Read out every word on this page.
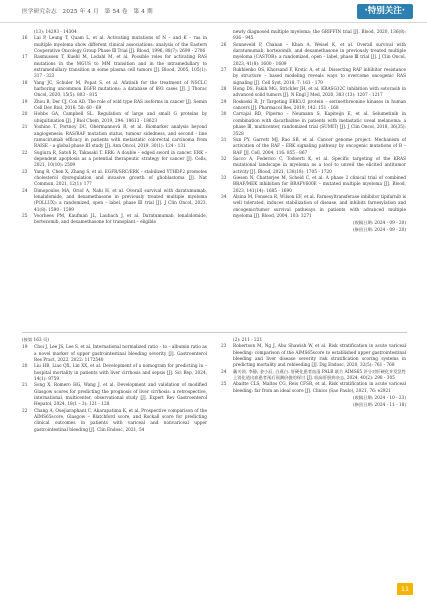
医学研究杂志　2025 年 4 月　第 54 卷　第 4 期	·特别关注·

(13): 14293 - 14304

16 Lai P, Leung T, Quam L, et al. Activating mutations of N – and K – ras in multiple myeloma show different clinical associations: analysis of the Eastern Cooperative Oncology Group Phase Ⅲ Trial [J]. Blood, 1996, 88(7): 2699 - 2706

17 Rasmussen T, Kuehl M, Lodahl M, et al. Possible roles for activating RAS mutations in the MGUS to MM transition and in the intramedullary to extramedullary transition in some plasma cell tumors [J]. Blood, 2005, 105(1): 317 - 323

18 Yang JC, Schuler M, Popat S, et al. Afatinib for the treatment of NSCLC harboring uncommon EGFR mutations: a database of 693 cases [J]. J Thorac Oncol, 2020, 15(5): 803 - 815

19 Zhou B, Der CJ, Cox AD. The role of wild type RAS isoforms in cancer [J]. Semin Cell Dev Biol, 2016, 58: 60 - 69

20 Hobbs GA, Campbell SL. Regulation of large and small G proteins by ubiquitination [J]. J Biol Chem, 2019, 294: 18613 - 18623

21 Yoshino T, Portnoy DC, Obermannová R, et al. Biomarker analysis beyond angiogenesis: RAS/RAF mutation status, tumour sidedness, and second - line ramucirumab efficacy in patients with metastatic colorectal carcinoma from RAISE – a global phase III study [J]. Ann Oncol, 2019, 30(1): 124 - 131

22 Sugiura R, Satoh R, Takasaki T. ERK: A double – edged sword in cancer. ERK – dependent apoptosis as a potential therapeutic strategy for cancer [J]. Cells, 2021, 10(10): 2509

23 Yang R, Chen X, Zhang S, et al. EGFR/SRC/ERK – stabilized YTHDF2 promotes cholesterol dysregulation and invasive growth of glioblastoma [J]. Nat Commun, 2021, 12(1): 177

24 Dimopoulos MA, Oriol A, Nahi H, et al. Overall survival with daratumumab, lenalidomide, and dexamethasone in previously treated multiple myeloma (POLLUX): a randomized, open – label, phase Ⅲ trial [J]. J Clin Oncol, 2023, 41(8): 1590 - 1599

25 Voorhees PM, Kaufman JL, Laubach J, et al. Daratumumab, lenalidomide, bortezomib, and dexamethasone for transplant – eligible

newly diagnosed multiple myeloma; the GRIFFIN trial [J]. Blood, 2020, 136(8): 936 - 945

26 Sonneveld P, Chanan – Khan A, Weisel K, et al. Overall survival with daratumumab, bortezomib, and dexamethasone in previously treated multiple myeloma (CASTOR): a randomized, open – label, phase Ⅲ trial [J]. J Clin Oncol, 2023, 41(8): 1600 - 1609

27 Rukhlenko OS, Khorsand F, Krstic A, et al. Dissecting RAF inhibitor resistance by structure – based modeling reveals ways to overcome oncogenic RAS signaling [J]. Cell Syst, 2018, 7: 161 - 179

28 Hong DS, Fakih MG, Strickler JH, et al. KRASG12C inhibition with sotorasib in advanced solid tumors [J]. N Engl J Med, 2020, 383 (13): 1207 - 1217

29 Roskoski R, Jr Targeting ERK1/2 protein – serine/threonine kinases in human cancers [J]. Pharmacol Res, 2019, 142: 151 - 168

30 Carvajal RD, Piperno – Neumann S, Kapiteijn E, et al. Selumetinib in combination with dacarbazine in patients with metastatic uveal melanoma: a phase Ⅲ, multicenter, randomized trial (SUMIT) [J]. J Clin Oncol, 2018, 36(35): 3528

31 Sun PY, Garrett MJ, Rao SB, et al. Cancer genome project. Mechanism of activation of the RAF – ERK signaling pathway by oncogenic mutations of B – RAF [J]. Cell, 2004, 116: 855 - 867

32 Sacco A, Federico C, Todoerti K, et al. Specific targeting of the KRAS mutational landscape in myeloma as a tool to unveil the elicited antitumor activity [J]. Blood, 2021, 138(18): 1705 - 1720

33 Giesen N, Chatterjee M, Scheid C, et al. A phase 2 clinical trial of combined BRAF/MEK inhibition for BRAFV600E – mutated multiple myeloma [J]. Blood, 2023, 141(14): 1685 - 1690

34 Alsina M, Fonseca R, Wilson EF, et al. Farnesyltransferase inhibitor tipifarnib is well tolerated, induces stabilization of disease, and inhibits farnesylation and oncogenic/tumor survival pathways in patients with advanced multiple myeloma [J]. Blood, 2004, 103: 3271

(收稿日期: 2024 - 09 - 20)

(修回日期: 2024 - 09 - 20)

(接第 163 页)

19 Choi J, Lee JS, Lee S, et al. International normalized ratio – to – albumin ratio as a novel marker of upper gastrointestinal bleeding severity [J]. Gastroenterol Res Pract, 2022, 2022: 1172540

20 Liu HB, Liao QX, Lin XX, et al. Development of a nomogram for predicting in – hospital mortality in patients with liver cirrhosis and sepsis [J]. Sci Rep, 2024, 14(1): 9759

21 Song X, Romero HG, Wang J, et al. Development and validation of modified Glasgow scores for predicting the prognosis of liver cirrhosis: a retrospective, international, multicenter, observational study [J]. Expert Rev Gastroenterol Hepatol, 2024, 18(1 – 3): 121 - 128

22 Chang A, Ouejiaraphant C, Akarapatima K, et al. Prospective comparison of the AIMS65score, Glasgow – Blatchford score, and Rockall score for predicting clinical outcomes in patients with variceal and nonvariceal upper gastrointestinal bleeding [J]. Clin Endosc, 2021, 54

(2): 211 - 221

23 Robertson M, Ng J, Abu Shawish W, et al. Risk stratification in acute variceal bleeding: comparison of the AIMS65score to established upper gastrointestinal bleeding and liver disease severity risk stratification scoring systems in predicting mortality and rebleeding [J]. Dig Endosc, 2020, 32(5): 761 - 768

24 戴关领, 李静, 金小辰, 白燕白. 肝硬化患者血清 PALB 联合 AIMS65 评分对肝硬化并发急性上消化道出血患者预后预测价值的探讨 [J]. 临床肝胆病杂志, 2024, 40(2): 298 - 305

25 Abaitte CLS, Maltos CG, Reis CFSR, et al. Risk stratification in acute variceal bleeding: far from an ideal score [J]. Clinics (Sao Paulo), 2021, 76: e2921

(收稿日期: 2024 - 10 - 23)

(修回日期: 2024 - 11 - 18)

11
